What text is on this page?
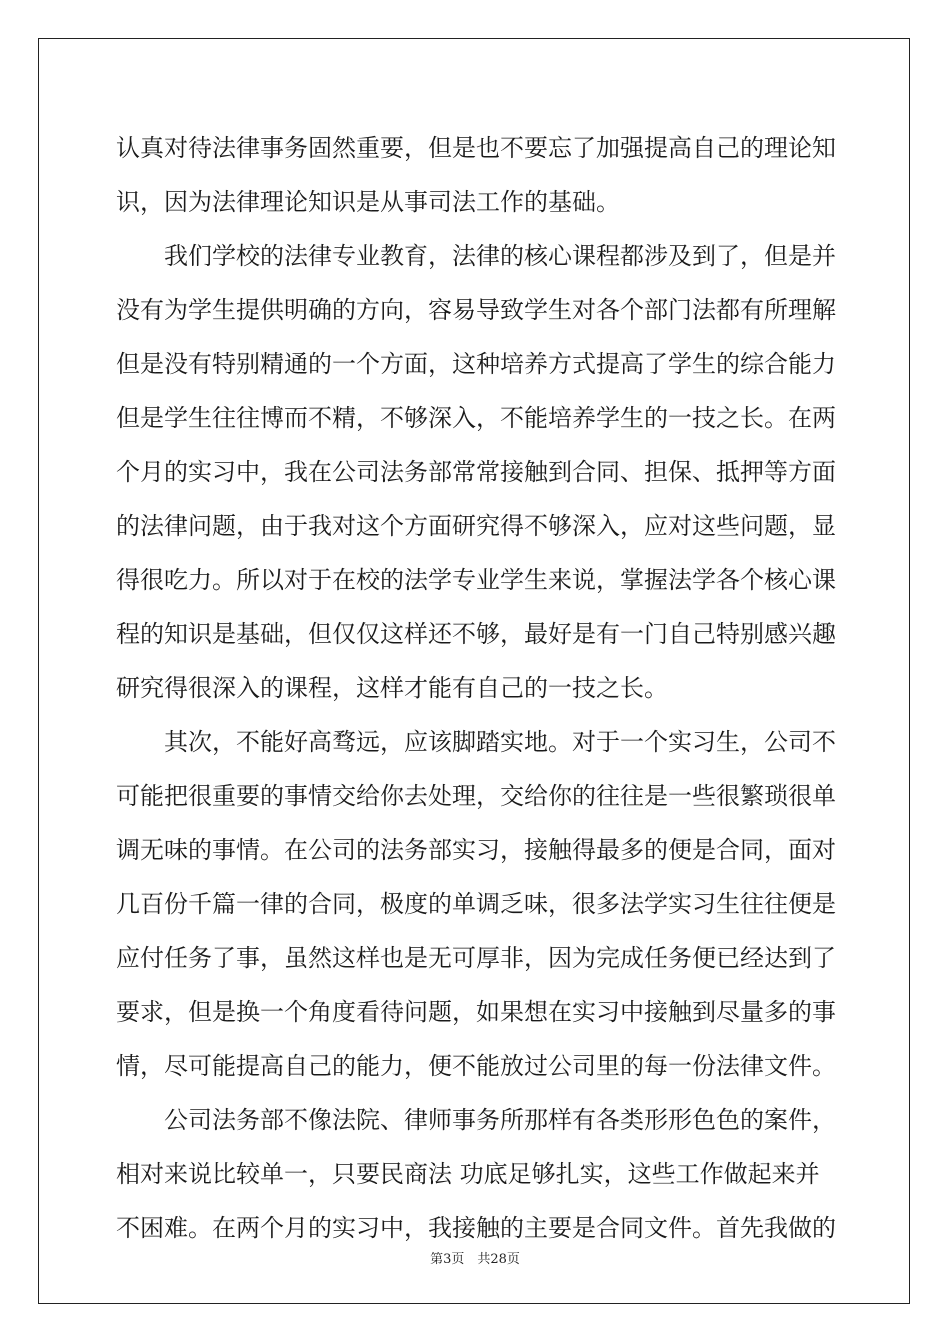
认真对待法律事务固然重要，但是也不要忘了加强提高自己的理论知
识，因为法律理论知识是从事司法工作的基础。
　　我们学校的法律专业教育，法律的核心课程都涉及到了，但是并
没有为学生提供明确的方向，容易导致学生对各个部门法都有所理解
但是没有特别精通的一个方面，这种培养方式提高了学生的综合能力
但是学生往往博而不精，不够深入，不能培养学生的一技之长。在两
个月的实习中，我在公司法务部常常接触到合同、担保、抵押等方面
的法律问题，由于我对这个方面研究得不够深入，应对这些问题，显
得很吃力。所以对于在校的法学专业学生来说，掌握法学各个核心课
程的知识是基础，但仅仅这样还不够，最好是有一门自己特别感兴趣
研究得很深入的课程，这样才能有自己的一技之长。
　　其次，不能好高骛远，应该脚踏实地。对于一个实习生，公司不
可能把很重要的事情交给你去处理，交给你的往往是一些很繁琐很单
调无味的事情。在公司的法务部实习，接触得最多的便是合同，面对
几百份千篇一律的合同，极度的单调乏味，很多法学实习生往往便是
应付任务了事，虽然这样也是无可厚非，因为完成任务便已经达到了
要求，但是换一个角度看待问题，如果想在实习中接触到尽量多的事
情，尽可能提高自己的能力，便不能放过公司里的每一份法律文件。
　　公司法务部不像法院、律师事务所那样有各类形形色色的案件，
相对来说比较单一，只要民商法 功底足够扎实，这些工作做起来并
不困难。在两个月的实习中，我接触的主要是合同文件。首先我做的
第3页　共28页
